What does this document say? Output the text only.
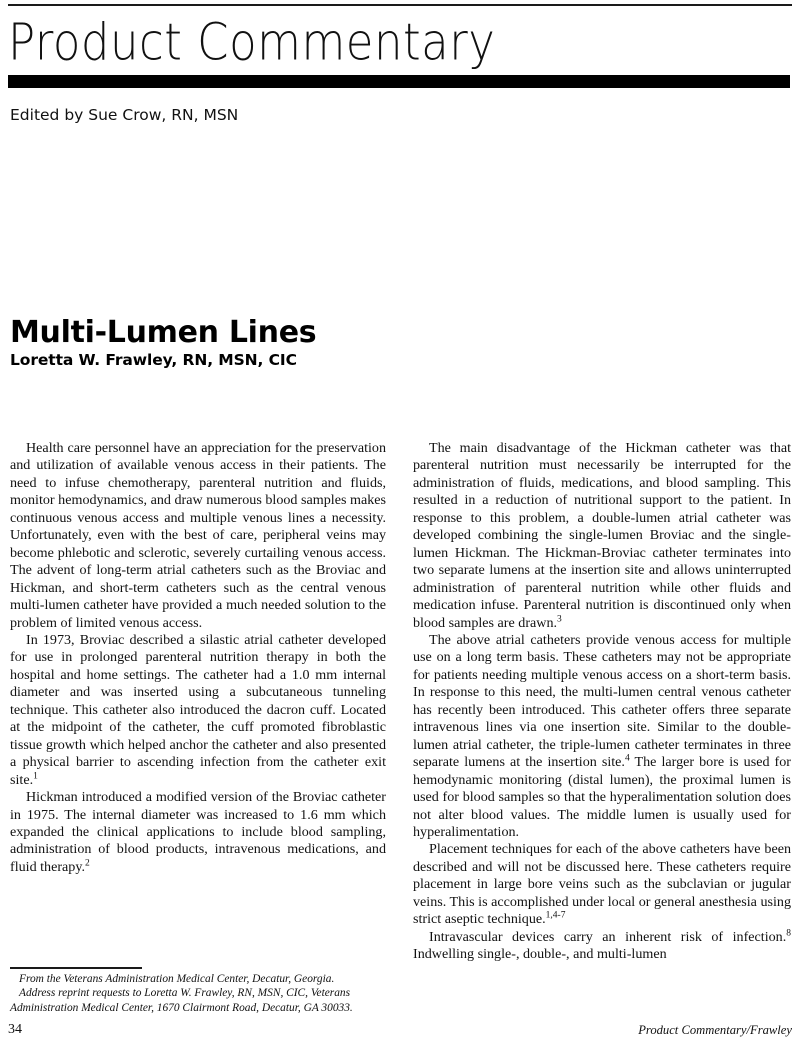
Product Commentary
Edited by Sue Crow, RN, MSN
Multi-Lumen Lines
Loretta W. Frawley, RN, MSN, CIC

Health care personnel have an appreciation for the preservation and utilization of available venous access in their patients. The need to infuse chemotherapy, parenteral nutrition and fluids, monitor hemodynamics, and draw numerous blood samples makes continuous venous access and multiple venous lines a necessity. Unfortunately, even with the best of care, peripheral veins may become phlebotic and sclerotic, severely curtailing venous access. The advent of long-term atrial catheters such as the Broviac and Hickman, and short-term catheters such as the central venous multi-lumen catheter have provided a much needed solution to the problem of limited venous access.

In 1973, Broviac described a silastic atrial catheter developed for use in prolonged parenteral nutrition therapy in both the hospital and home settings. The catheter had a 1.0 mm internal diameter and was inserted using a subcutaneous tunneling technique. This catheter also introduced the dacron cuff. Located at the midpoint of the catheter, the cuff promoted fibroblastic tissue growth which helped anchor the catheter and also presented a physical barrier to ascending infection from the catheter exit site.$^1$

Hickman introduced a modified version of the Broviac catheter in 1975. The internal diameter was increased to 1.6 mm which expanded the clinical applications to include blood sampling, administration of blood products, intravenous medications, and fluid therapy.$^2$

The main disadvantage of the Hickman catheter was that parenteral nutrition must necessarily be interrupted for the administration of fluids, medications, and blood sampling. This resulted in a reduction of nutritional support to the patient. In response to this problem, a double-lumen atrial catheter was developed combining the single-lumen Broviac and the single-lumen Hickman. The Hickman-Broviac catheter terminates into two separate lumens at the insertion site and allows uninterrupted administration of parenteral nutrition while other fluids and medication infuse. Parenteral nutrition is discontinued only when blood samples are drawn.$^3$

The above atrial catheters provide venous access for multiple use on a long term basis. These catheters may not be appropriate for patients needing multiple venous access on a short-term basis. In response to this need, the multi-lumen central venous catheter has recently been introduced. This catheter offers three separate intravenous lines via one insertion site. Similar to the double-lumen atrial catheter, the triple-lumen catheter terminates in three separate lumens at the insertion site.$^4$ The larger bore is used for hemodynamic monitoring (distal lumen), the proximal lumen is used for blood samples so that the hyperalimentation solution does not alter blood values. The middle lumen is usually used for hyperalimentation.

Placement techniques for each of the above catheters have been described and will not be discussed here. These catheters require placement in large bore veins such as the subclavian or jugular veins. This is accomplished under local or general anesthesia using strict aseptic technique.$^{1,4-7}$

Intravascular devices carry an inherent risk of infection.$^8$ Indwelling single-, double-, and multi-lumen

From the Veterans Administration Medical Center, Decatur, Georgia.

Address reprint requests to Loretta W. Frawley, RN, MSN, CIC, Veterans Administration Medical Center, 1670 Clairmont Road, Decatur, GA 30033.

34	Product Commentary/Frawley
